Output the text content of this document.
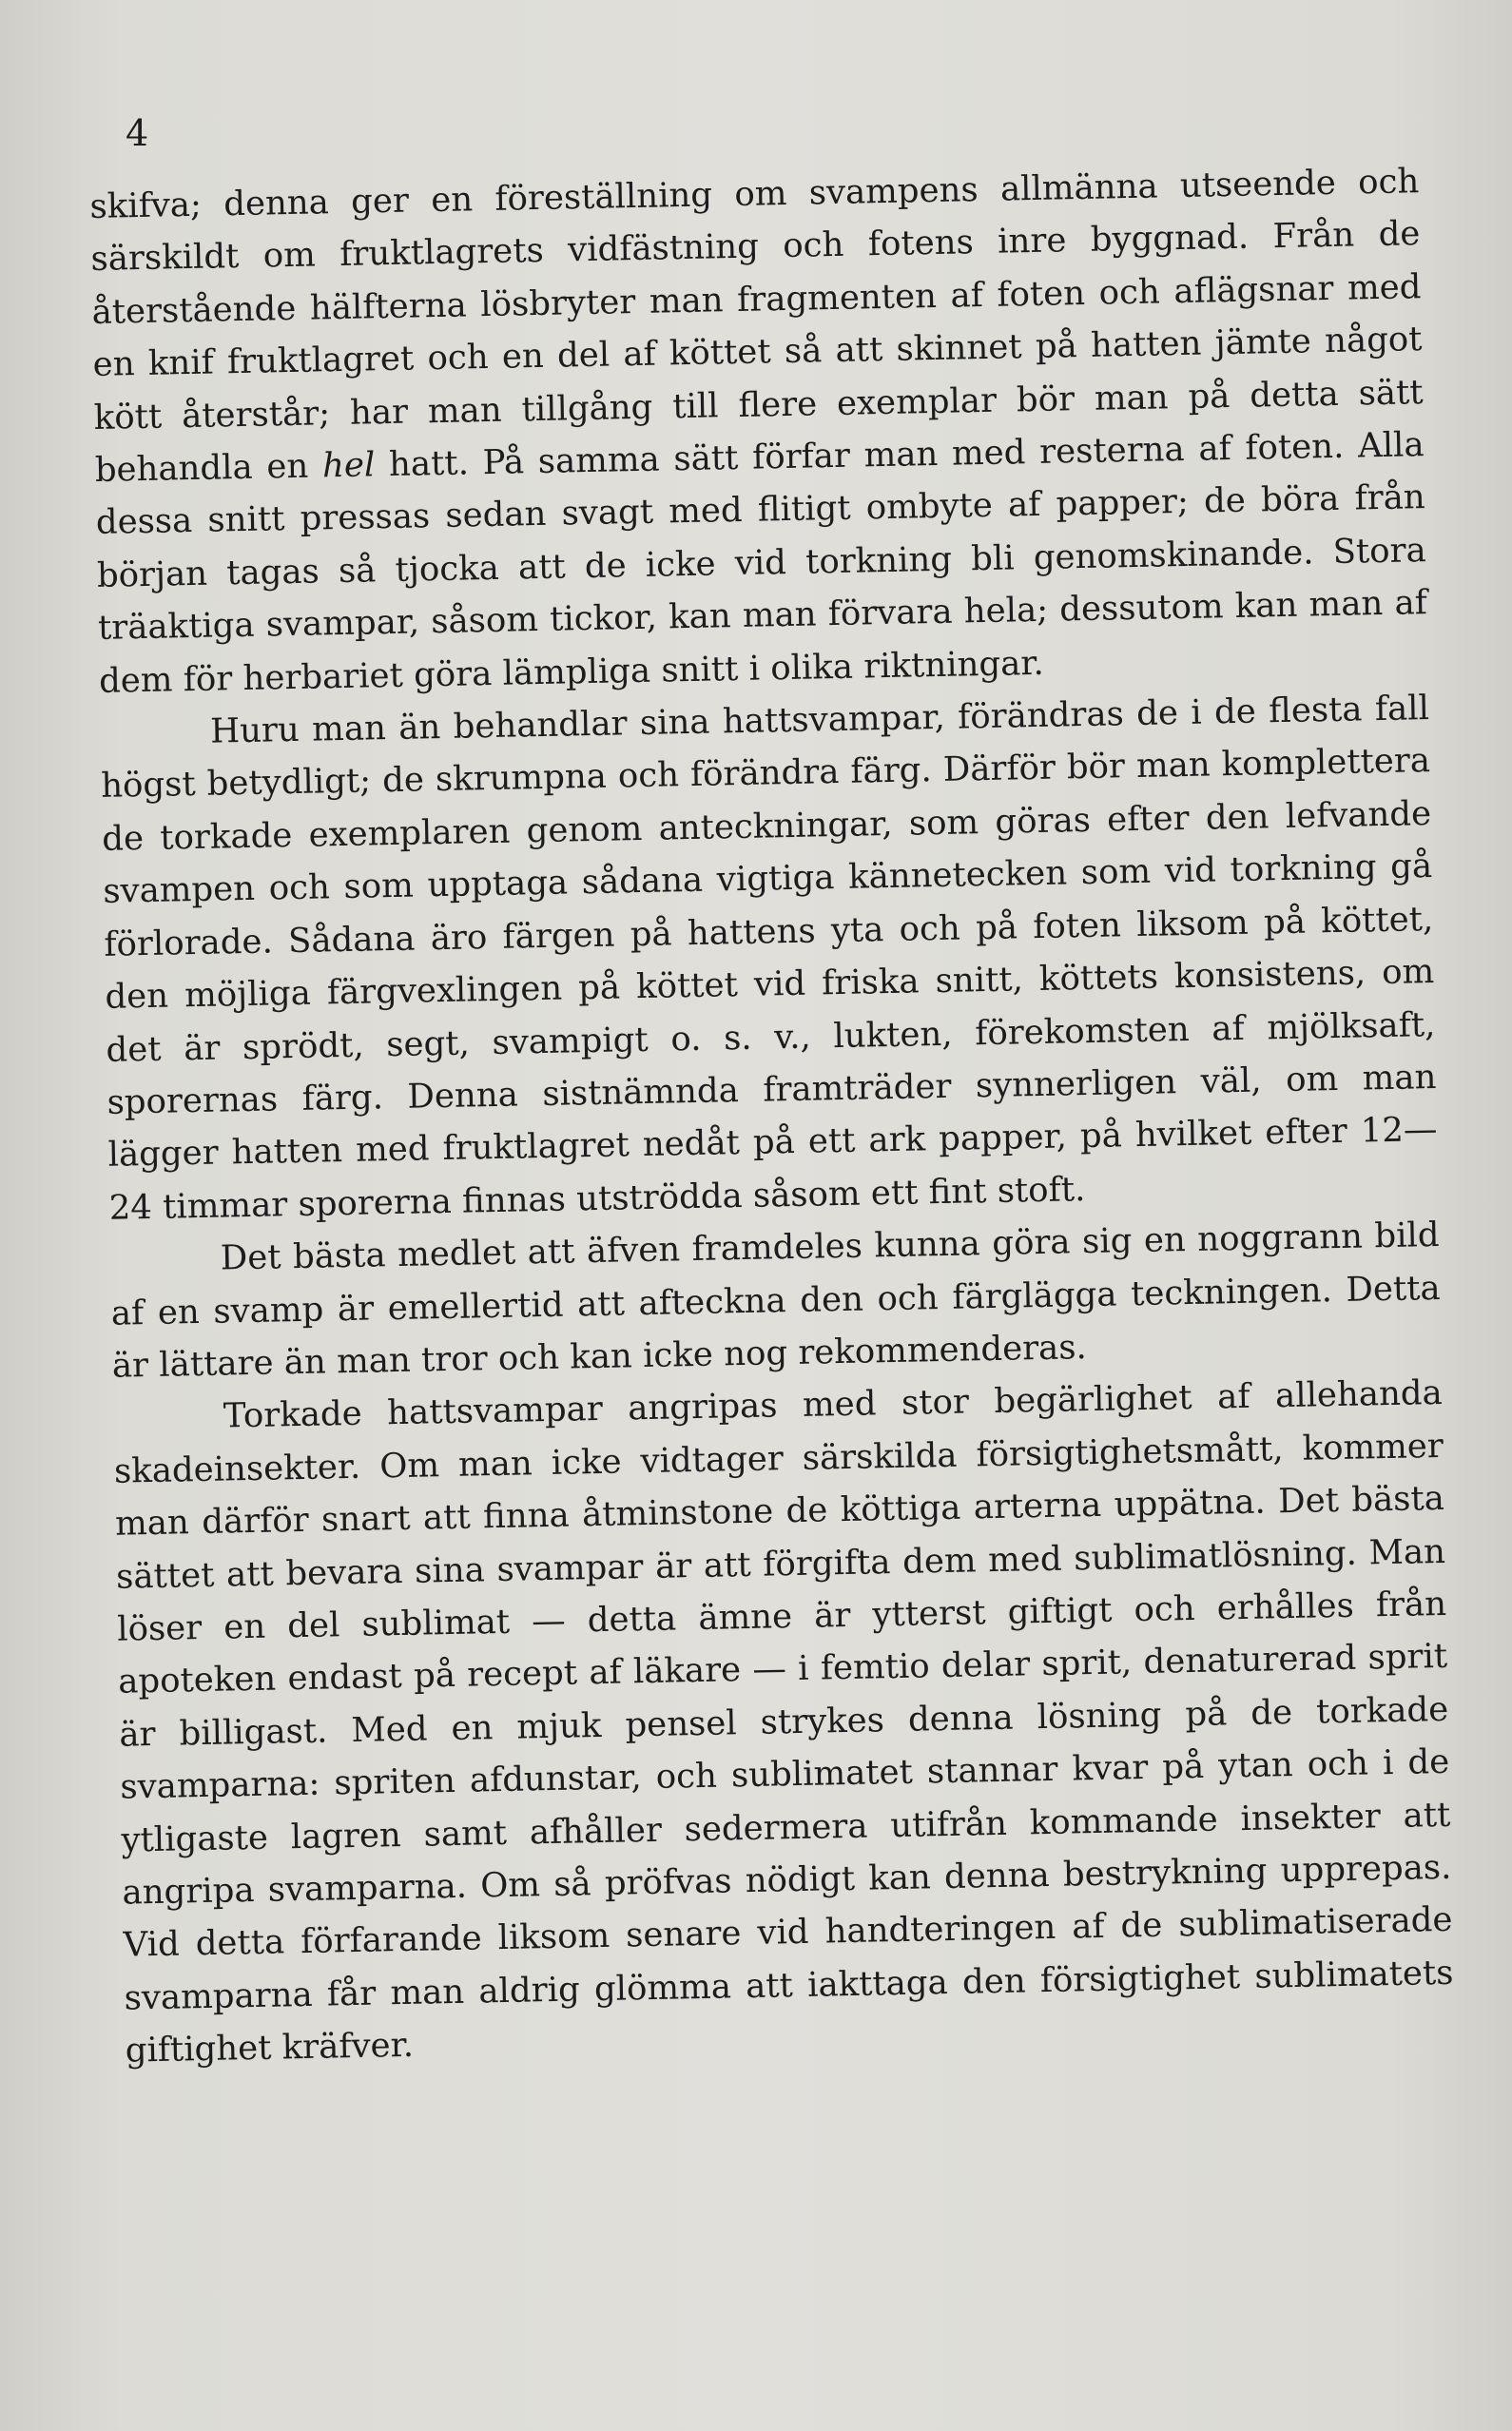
4

skifva; denna ger en föreställning om svampens allmänna utseende och särskildt om fruktlagrets vidfästning och fotens inre byggnad. Från de återstående hälfterna lösbryter man fragmenten af foten och aflägsnar med en knif fruktlagret och en del af köttet så att skinnet på hatten jämte något kött återstår; har man tillgång till flere exemplar bör man på detta sätt behandla en hel hatt. På samma sätt förfar man med resterna af foten. Alla dessa snitt pressas sedan svagt med flitigt ombyte af papper; de böra från början tagas så tjocka att de icke vid torkning bli genomskinande. Stora träaktiga svampar, såsom tickor, kan man förvara hela; dessutom kan man af dem för herbariet göra lämpliga snitt i olika riktningar.

Huru man än behandlar sina hattsvampar, förändras de i de flesta fall högst betydligt; de skrumpna och förändra färg. Därför bör man komplettera de torkade exemplaren genom anteckningar, som göras efter den lefvande svampen och som upptaga sådana vigtiga kännetecken som vid torkning gå förlorade. Sådana äro färgen på hattens yta och på foten liksom på köttet, den möjliga färgvexlingen på köttet vid friska snitt, köttets konsistens, om det är sprödt, segt, svampigt o. s. v., lukten, förekomsten af mjölksaft, sporernas färg. Denna sistnämnda framträder synnerligen väl, om man lägger hatten med fruktlagret nedåt på ett ark papper, på hvilket efter 12—24 timmar sporerna finnas utströdda såsom ett fint stoft.

Det bästa medlet att äfven framdeles kunna göra sig en noggrann bild af en svamp är emellertid att afteckna den och färglägga teckningen. Detta är lättare än man tror och kan icke nog rekommenderas.

Torkade hattsvampar angripas med stor begärlighet af allehanda skadeinsekter. Om man icke vidtager särskilda försigtighetsmått, kommer man därför snart att finna åtminstone de köttiga arterna uppätna. Det bästa sättet att bevara sina svampar är att förgifta dem med sublimatlösning. Man löser en del sublimat — detta ämne är ytterst giftigt och erhålles från apoteken endast på recept af läkare — i femtio delar sprit, denaturerad sprit är billigast. Med en mjuk pensel strykes denna lösning på de torkade svamparna: spriten afdunstar, och sublimatet stannar kvar på ytan och i de ytligaste lagren samt afhåller sedermera utifrån kommande insekter att angripa svamparna. Om så pröfvas nödigt kan denna bestrykning upprepas. Vid detta förfarande liksom senare vid handteringen af de sublimatiserade svamparna får man aldrig glömma att iakttaga den försigtighet sublimatets giftighet kräfver.
